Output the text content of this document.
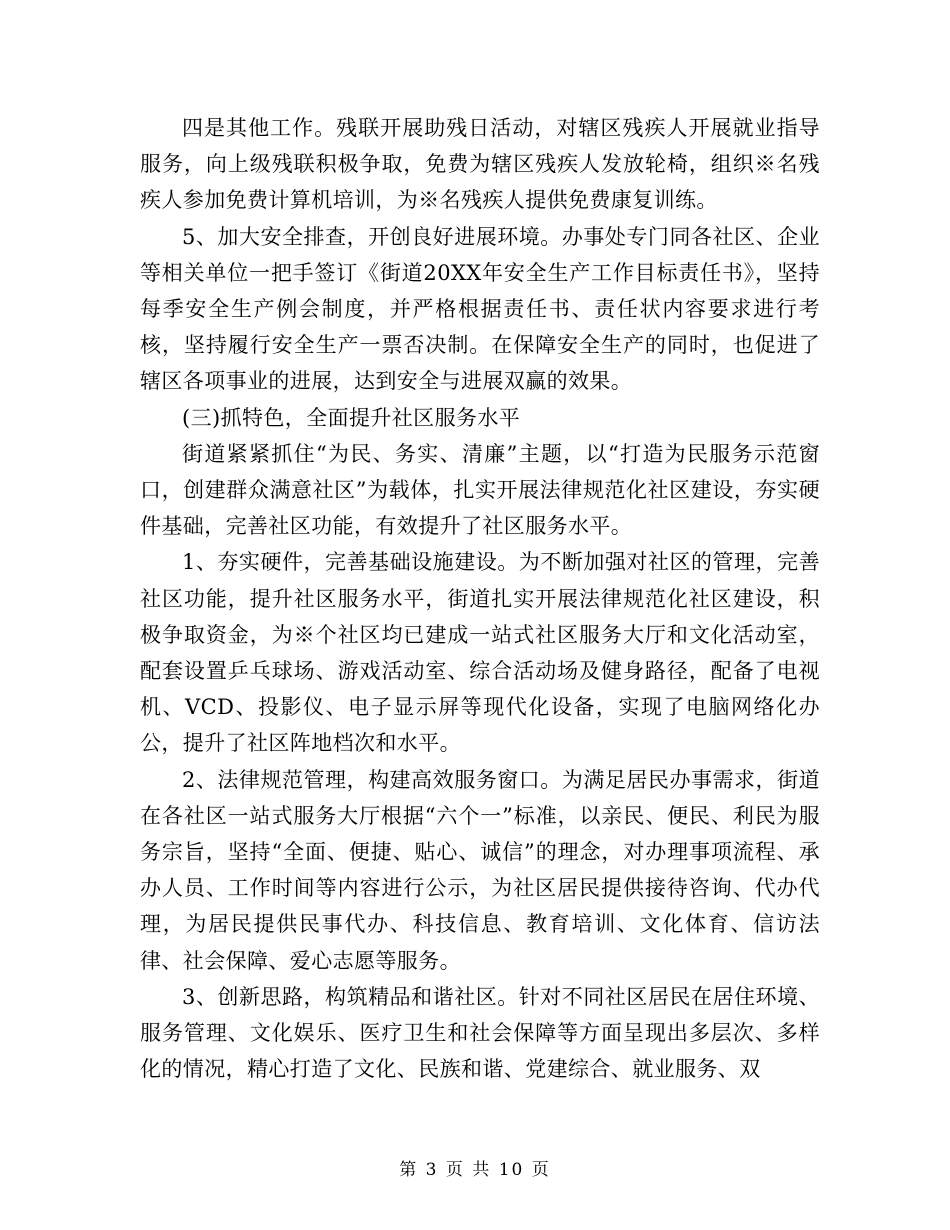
四是其他工作。残联开展助残日活动，对辖区残疾人开展就业指导服务，向上级残联积极争取，免费为辖区残疾人发放轮椅，组织※名残疾人参加免费计算机培训，为※名残疾人提供免费康复训练。

5、加大安全排查，开创良好进展环境。办事处专门同各社区、企业等相关单位一把手签订《街道20XX年安全生产工作目标责任书》，坚持每季安全生产例会制度，并严格根据责任书、责任状内容要求进行考核，坚持履行安全生产一票否决制。在保障安全生产的同时，也促进了辖区各项事业的进展，达到安全与进展双赢的效果。

(三)抓特色，全面提升社区服务水平

街道紧紧抓住“为民、务实、清廉”主题，以“打造为民服务示范窗口，创建群众满意社区”为载体，扎实开展法律规范化社区建设，夯实硬件基础，完善社区功能，有效提升了社区服务水平。

1、夯实硬件，完善基础设施建设。为不断加强对社区的管理，完善社区功能，提升社区服务水平，街道扎实开展法律规范化社区建设，积极争取资金，为※个社区均已建成一站式社区服务大厅和文化活动室，配套设置乒乓球场、游戏活动室、综合活动场及健身路径，配备了电视机、VCD、投影仪、电子显示屏等现代化设备，实现了电脑网络化办公，提升了社区阵地档次和水平。

2、法律规范管理，构建高效服务窗口。为满足居民办事需求，街道在各社区一站式服务大厅根据“六个一”标准，以亲民、便民、利民为服务宗旨，坚持“全面、便捷、贴心、诚信”的理念，对办理事项流程、承办人员、工作时间等内容进行公示，为社区居民提供接待咨询、代办代理，为居民提供民事代办、科技信息、教育培训、文化体育、信访法律、社会保障、爱心志愿等服务。

3、创新思路，构筑精品和谐社区。针对不同社区居民在居住环境、服务管理、文化娱乐、医疗卫生和社会保障等方面呈现出多层次、多样化的情况，精心打造了文化、民族和谐、党建综合、就业服务、双

第 3 页 共 10 页
